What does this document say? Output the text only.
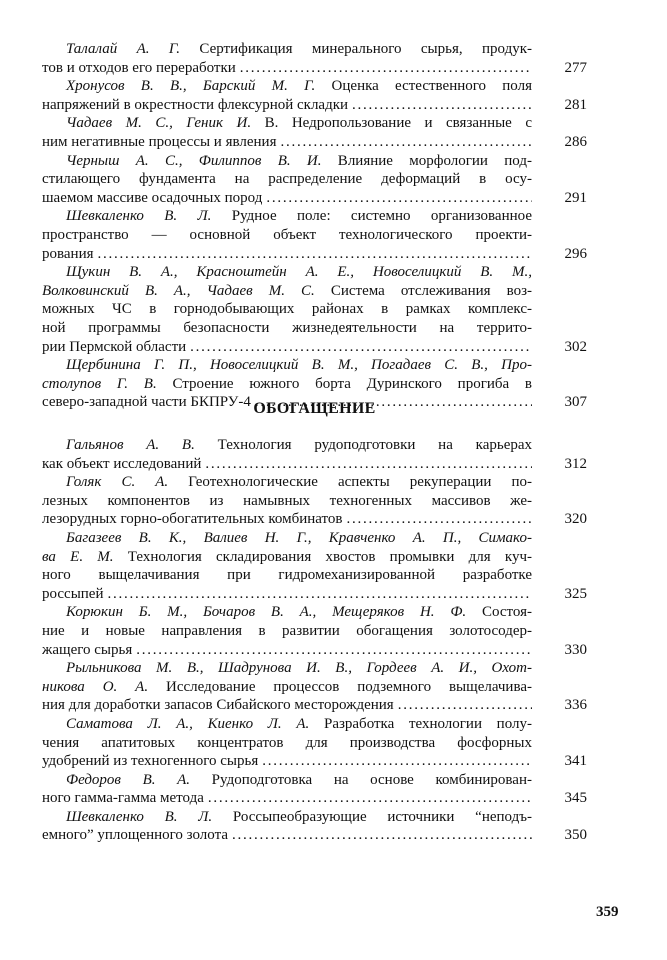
Талалай А. Г. Сертификация минерального сырья, продук-
тов и отходов его переработки . . .	277
Хронусов В. В., Барский М. Г. Оценка естественного поля
напряжений в окрестности флексурной складки . . .	281
Чадаев М. С., Геник И. В. Недропользование и связанные с
ним негативные процессы и явления . . .	286
Черныш А. С., Филиппов В. И. Влияние морфологии под-
стилающего фундамента на распределение деформаций в осу-
шаемом массиве осадочных пород . . .	291
Шевкаленко В. Л. Рудное поле: системно организованное
пространство — основной объект технологического проекти-
рования . . .	296
Щукин В. А., Красноштейн А. Е., Новоселицкий В. М.,
Волковинский В. А., Чадаев М. С. Система отслеживания воз-
можных ЧС в горнодобывающих районах в рамках комплекс-
ной программы безопасности жизнедеятельности на террито-
рии Пермской области . . .	302
Щербинина Г. П., Новоселицкий В. М., Погадаев С. В., Про-
столупов Г. В. Строение южного борта Дуринского прогиба в
северо-западной части БКПРУ-4 . . .	307
ОБОГАЩЕНИЕ
Гальянов А. В. Технология рудоподготовки на карьерах
как объект исследований . . .	312
Голяк С. А. Геотехнологические аспекты рекуперации по-
лезных компонентов из намывных техногенных массивов же-
лезорудных горно-обогатительных комбинатов . . .	320
Багазеев В. К., Валиев Н. Г., Кравченко А. П., Симако-
ва Е. М. Технология складирования хвостов промывки для куч-
ного выщелачивания при гидромеханизированной разработке
россыпей . . .	325
Корюкин Б. М., Бочаров В. А., Мещеряков Н. Ф. Состоя-
ние и новые направления в развитии обогащения золотосодер-
жащего сырья . . .	330
Рыльникова М. В., Шадрунова И. В., Гордеев А. И., Охот-
никова О. А. Исследование процессов подземного выщелачива-
ния для доработки запасов Сибайского месторождения . . .	336
Саматова Л. А., Киенко Л. А. Разработка технологии полу-
чения апатитовых концентратов для производства фосфорных
удобрений из техногенного сырья . . .	341
Федоров В. А. Рудоподготовка на основе комбинирован-
ного гамма-гамма метода . . .	345
Шевкаленко В. Л. Россыпеобразующие источники “неподъ-
емного” уплощенного золота . . .	350
359
